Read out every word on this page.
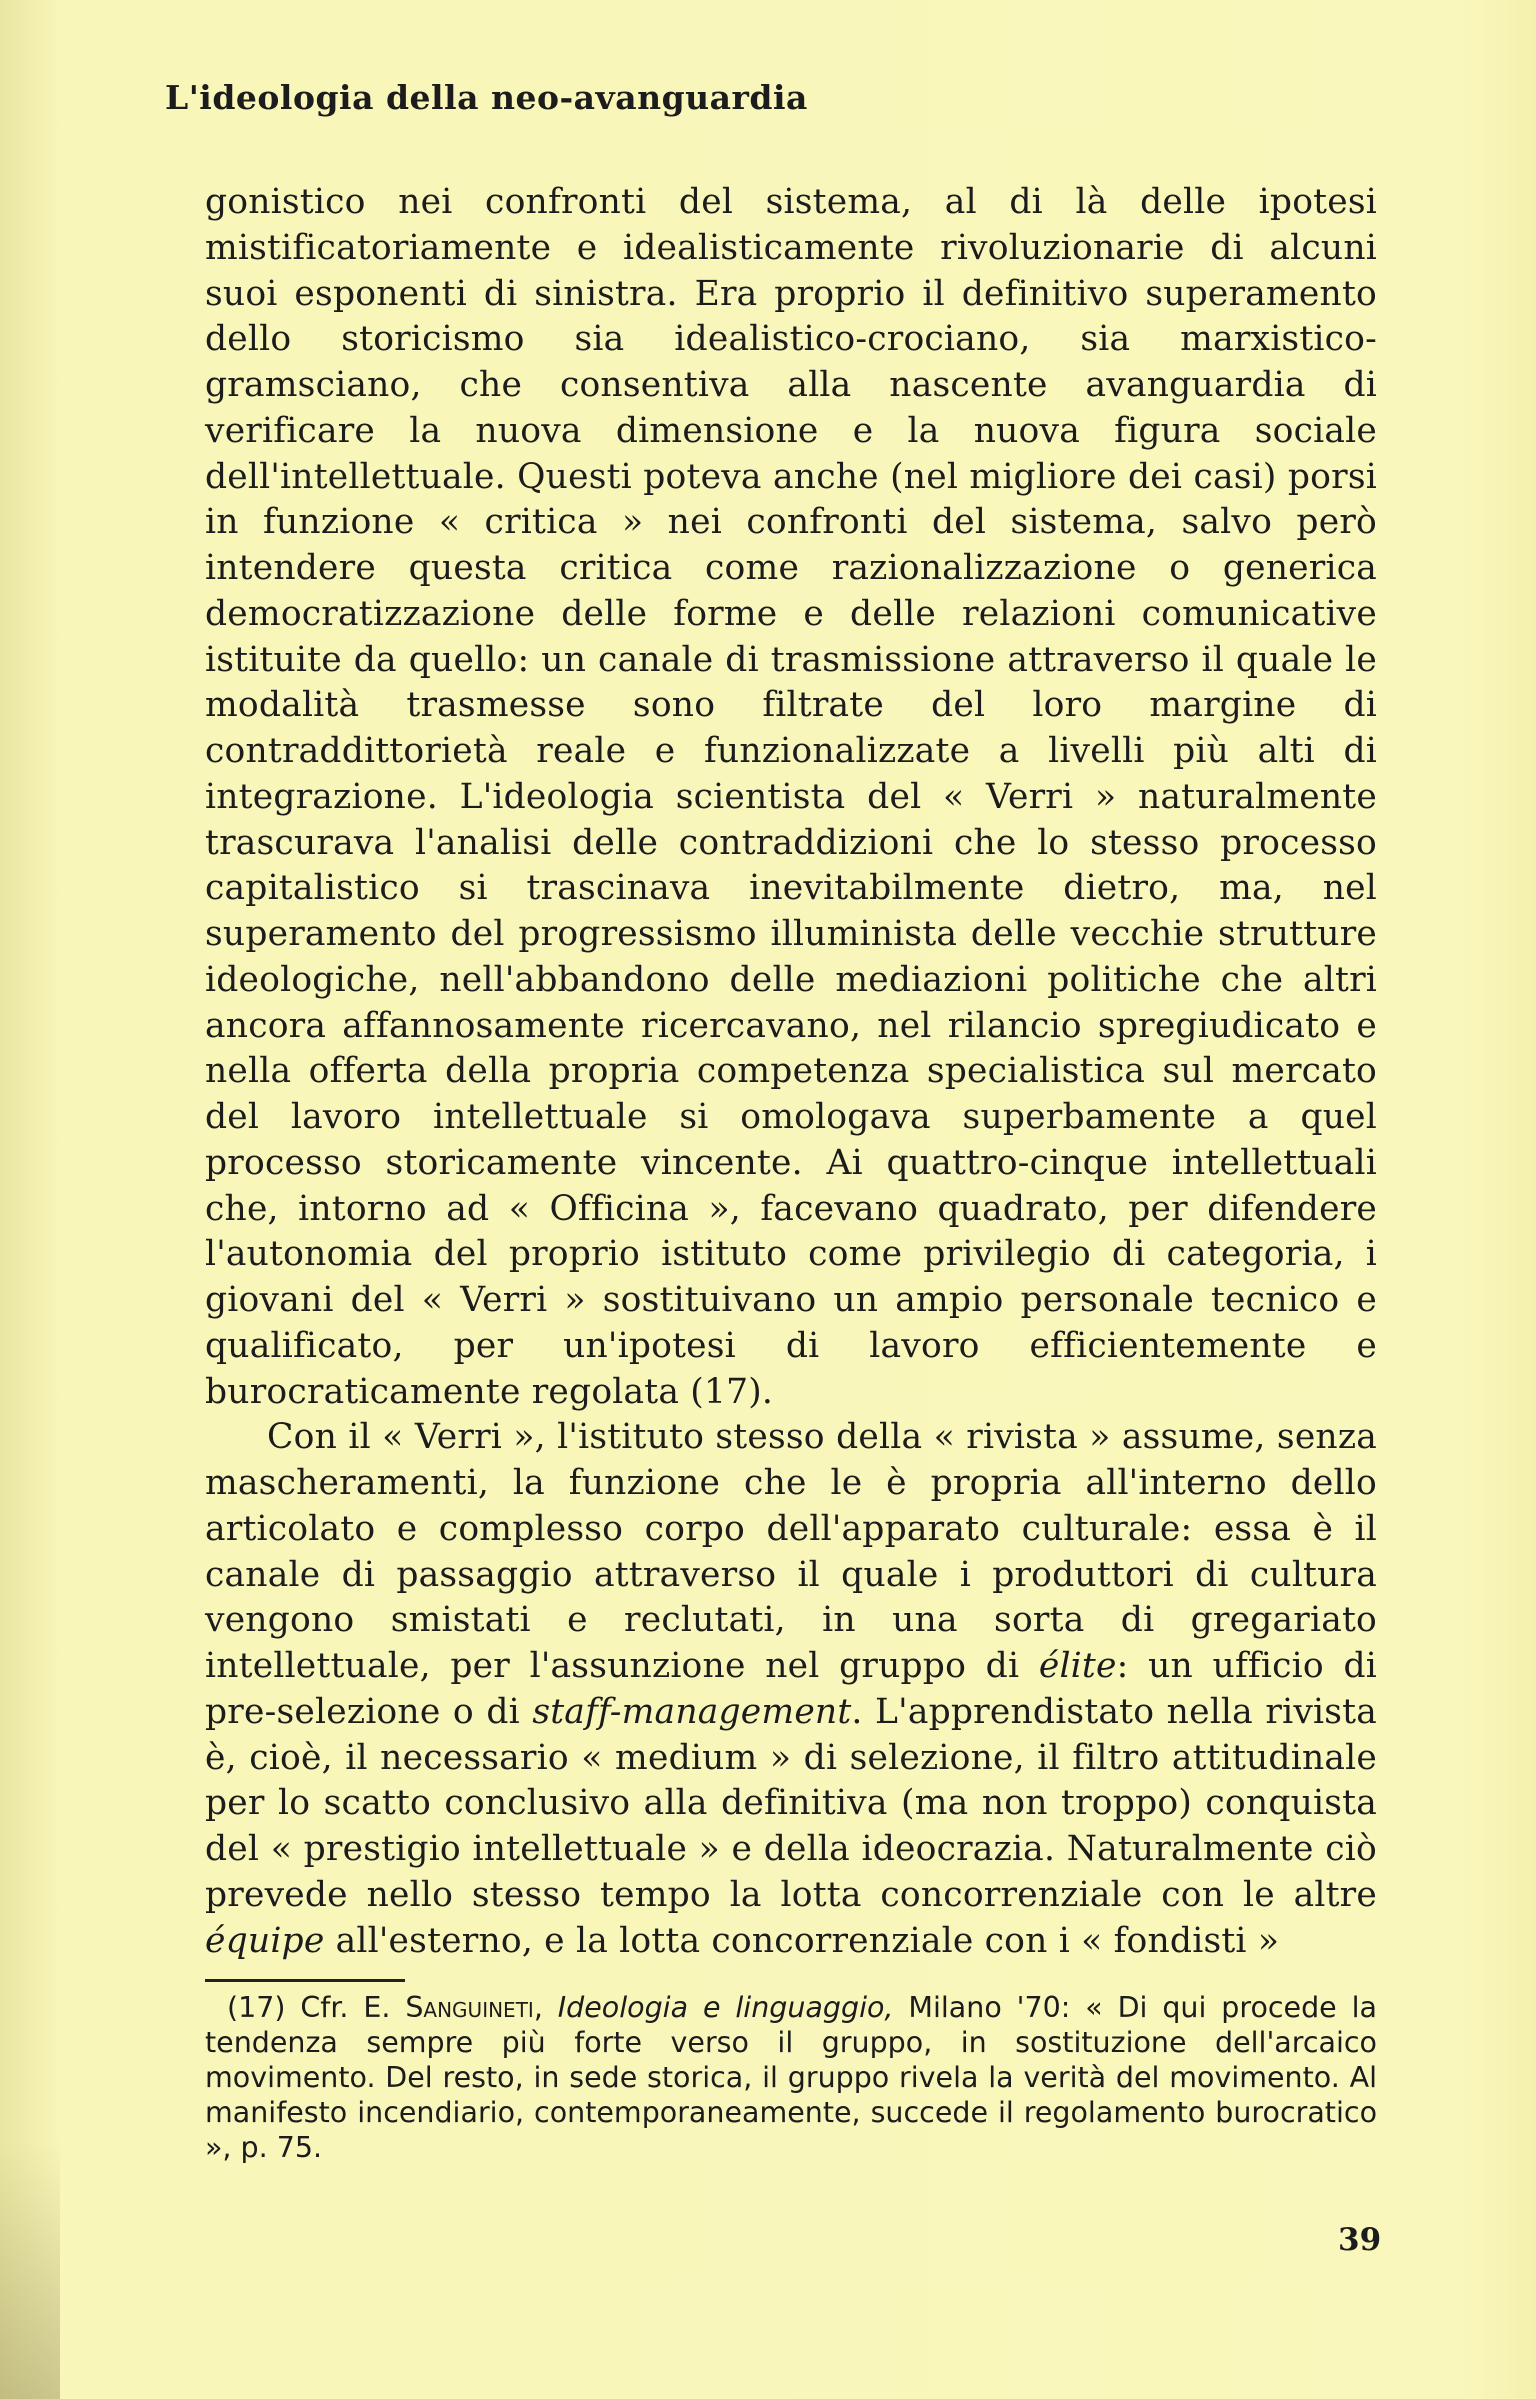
L'ideologia della neo-avanguardia

gonistico nei confronti del sistema, al di là delle ipotesi mistificatoriamente e idealisticamente rivoluzionarie di alcuni suoi esponenti di sinistra. Era proprio il definitivo superamento dello storicismo sia idealistico-crociano, sia marxistico-gramsciano, che consentiva alla nascente avanguardia di verificare la nuova dimensione e la nuova figura sociale dell'intellettuale. Questi poteva anche (nel migliore dei casi) porsi in funzione « critica » nei confronti del sistema, salvo però intendere questa critica come razionalizzazione o generica democratizzazione delle forme e delle relazioni comunicative istituite da quello: un canale di trasmissione attraverso il quale le modalità trasmesse sono filtrate del loro margine di contraddittorietà reale e funzionalizzate a livelli più alti di integrazione. L'ideologia scientista del « Verri » naturalmente trascurava l'analisi delle contraddizioni che lo stesso processo capitalistico si trascinava inevitabilmente dietro, ma, nel superamento del progressismo illuminista delle vecchie strutture ideologiche, nell'abbandono delle mediazioni politiche che altri ancora affannosamente ricercavano, nel rilancio spregiudicato e nella offerta della propria competenza specialistica sul mercato del lavoro intellettuale si omologava superbamente a quel processo storicamente vincente. Ai quattro-cinque intellettuali che, intorno ad « Officina », facevano quadrato, per difendere l'autonomia del proprio istituto come privilegio di categoria, i giovani del « Verri » sostituivano un ampio personale tecnico e qualificato, per un'ipotesi di lavoro efficientemente e burocraticamente regolata (17).

Con il « Verri », l'istituto stesso della « rivista » assume, senza mascheramenti, la funzione che le è propria all'interno dello articolato e complesso corpo dell'apparato culturale: essa è il canale di passaggio attraverso il quale i produttori di cultura vengono smistati e reclutati, in una sorta di gregariato intellettuale, per l'assunzione nel gruppo di élite: un ufficio di pre-selezione o di staff-management. L'apprendistato nella rivista è, cioè, il necessario « medium » di selezione, il filtro attitudinale per lo scatto conclusivo alla definitiva (ma non troppo) conquista del « prestigio intellettuale » e della ideocrazia. Naturalmente ciò prevede nello stesso tempo la lotta concorrenziale con le altre équipe all'esterno, e la lotta concorrenziale con i « fondisti »

(17) Cfr. E. Sanguineti, Ideologia e linguaggio, Milano '70: « Di qui procede la tendenza sempre più forte verso il gruppo, in sostituzione dell'arcaico movimento. Del resto, in sede storica, il gruppo rivela la verità del movimento. Al manifesto incendiario, contemporaneamente, succede il regolamento burocratico », p. 75.

39
